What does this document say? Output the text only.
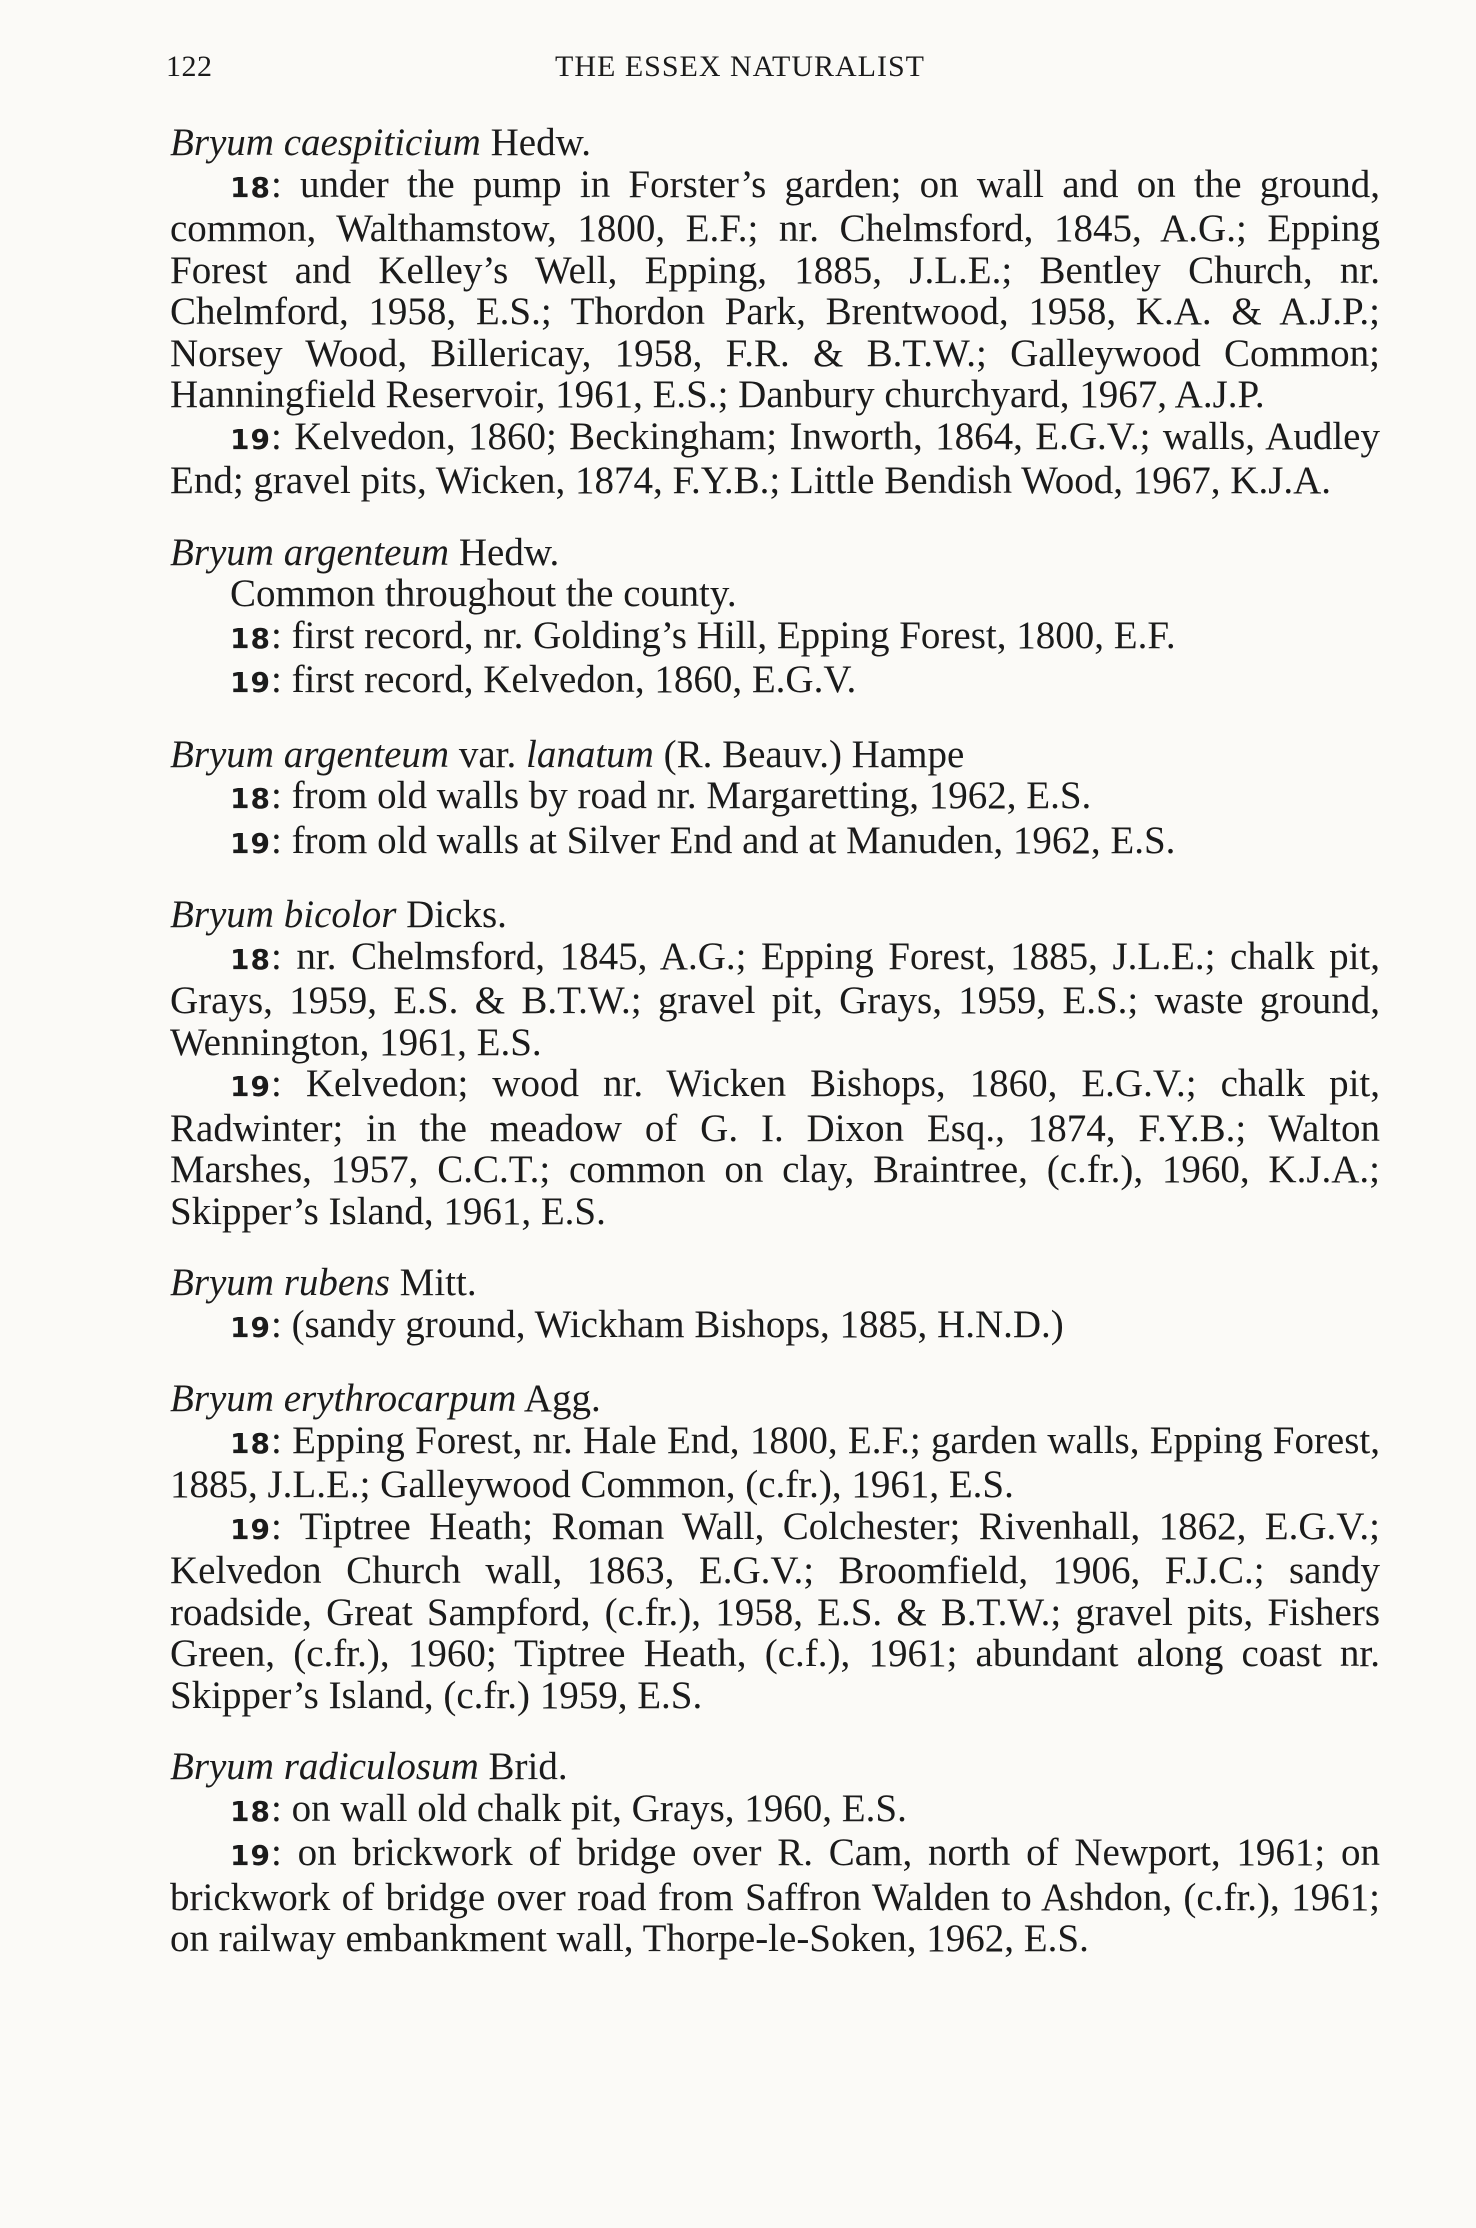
122	THE ESSEX NATURALIST

Bryum caespiticium Hedw.

18: under the pump in Forster’s garden; on wall and on the ground, common, Walthamstow, 1800, E.F.; nr. Chelmsford, 1845, A.G.; Epping Forest and Kelley’s Well, Epping, 1885, J.L.E.; Bentley Church, nr. Chelmford, 1958, E.S.; Thordon Park, Brentwood, 1958, K.A. & A.J.P.; Norsey Wood, Billericay, 1958, F.R. & B.T.W.; Galleywood Common; Hanningfield Reservoir, 1961, E.S.; Danbury churchyard, 1967, A.J.P.

19: Kelvedon, 1860; Beckingham; Inworth, 1864, E.G.V.; walls, Audley End; gravel pits, Wicken, 1874, F.Y.B.; Little Bendish Wood, 1967, K.J.A.

Bryum argenteum Hedw.

Common throughout the county.

18: first record, nr. Golding’s Hill, Epping Forest, 1800, E.F.

19: first record, Kelvedon, 1860, E.G.V.

Bryum argenteum var. lanatum (R. Beauv.) Hampe

18: from old walls by road nr. Margaretting, 1962, E.S.

19: from old walls at Silver End and at Manuden, 1962, E.S.

Bryum bicolor Dicks.

18: nr. Chelmsford, 1845, A.G.; Epping Forest, 1885, J.L.E.; chalk pit, Grays, 1959, E.S. & B.T.W.; gravel pit, Grays, 1959, E.S.; waste ground, Wennington, 1961, E.S.

19: Kelvedon; wood nr. Wicken Bishops, 1860, E.G.V.; chalk pit, Radwinter; in the meadow of G. I. Dixon Esq., 1874, F.Y.B.; Walton Marshes, 1957, C.C.T.; common on clay, Braintree, (c.fr.), 1960, K.J.A.; Skipper’s Island, 1961, E.S.

Bryum rubens Mitt.

19: (sandy ground, Wickham Bishops, 1885, H.N.D.)

Bryum erythrocarpum Agg.

18: Epping Forest, nr. Hale End, 1800, E.F.; garden walls, Epping Forest, 1885, J.L.E.; Galleywood Common, (c.fr.), 1961, E.S.

19: Tiptree Heath; Roman Wall, Colchester; Rivenhall, 1862, E.G.V.; Kelvedon Church wall, 1863, E.G.V.; Broomfield, 1906, F.J.C.; sandy roadside, Great Sampford, (c.fr.), 1958, E.S. & B.T.W.; gravel pits, Fishers Green, (c.fr.), 1960; Tiptree Heath, (c.f.), 1961; abundant along coast nr. Skipper’s Island, (c.fr.) 1959, E.S.

Bryum radiculosum Brid.

18: on wall old chalk pit, Grays, 1960, E.S.

19: on brickwork of bridge over R. Cam, north of Newport, 1961; on brickwork of bridge over road from Saffron Walden to Ashdon, (c.fr.), 1961; on railway embankment wall, Thorpe-le-Soken, 1962, E.S.
